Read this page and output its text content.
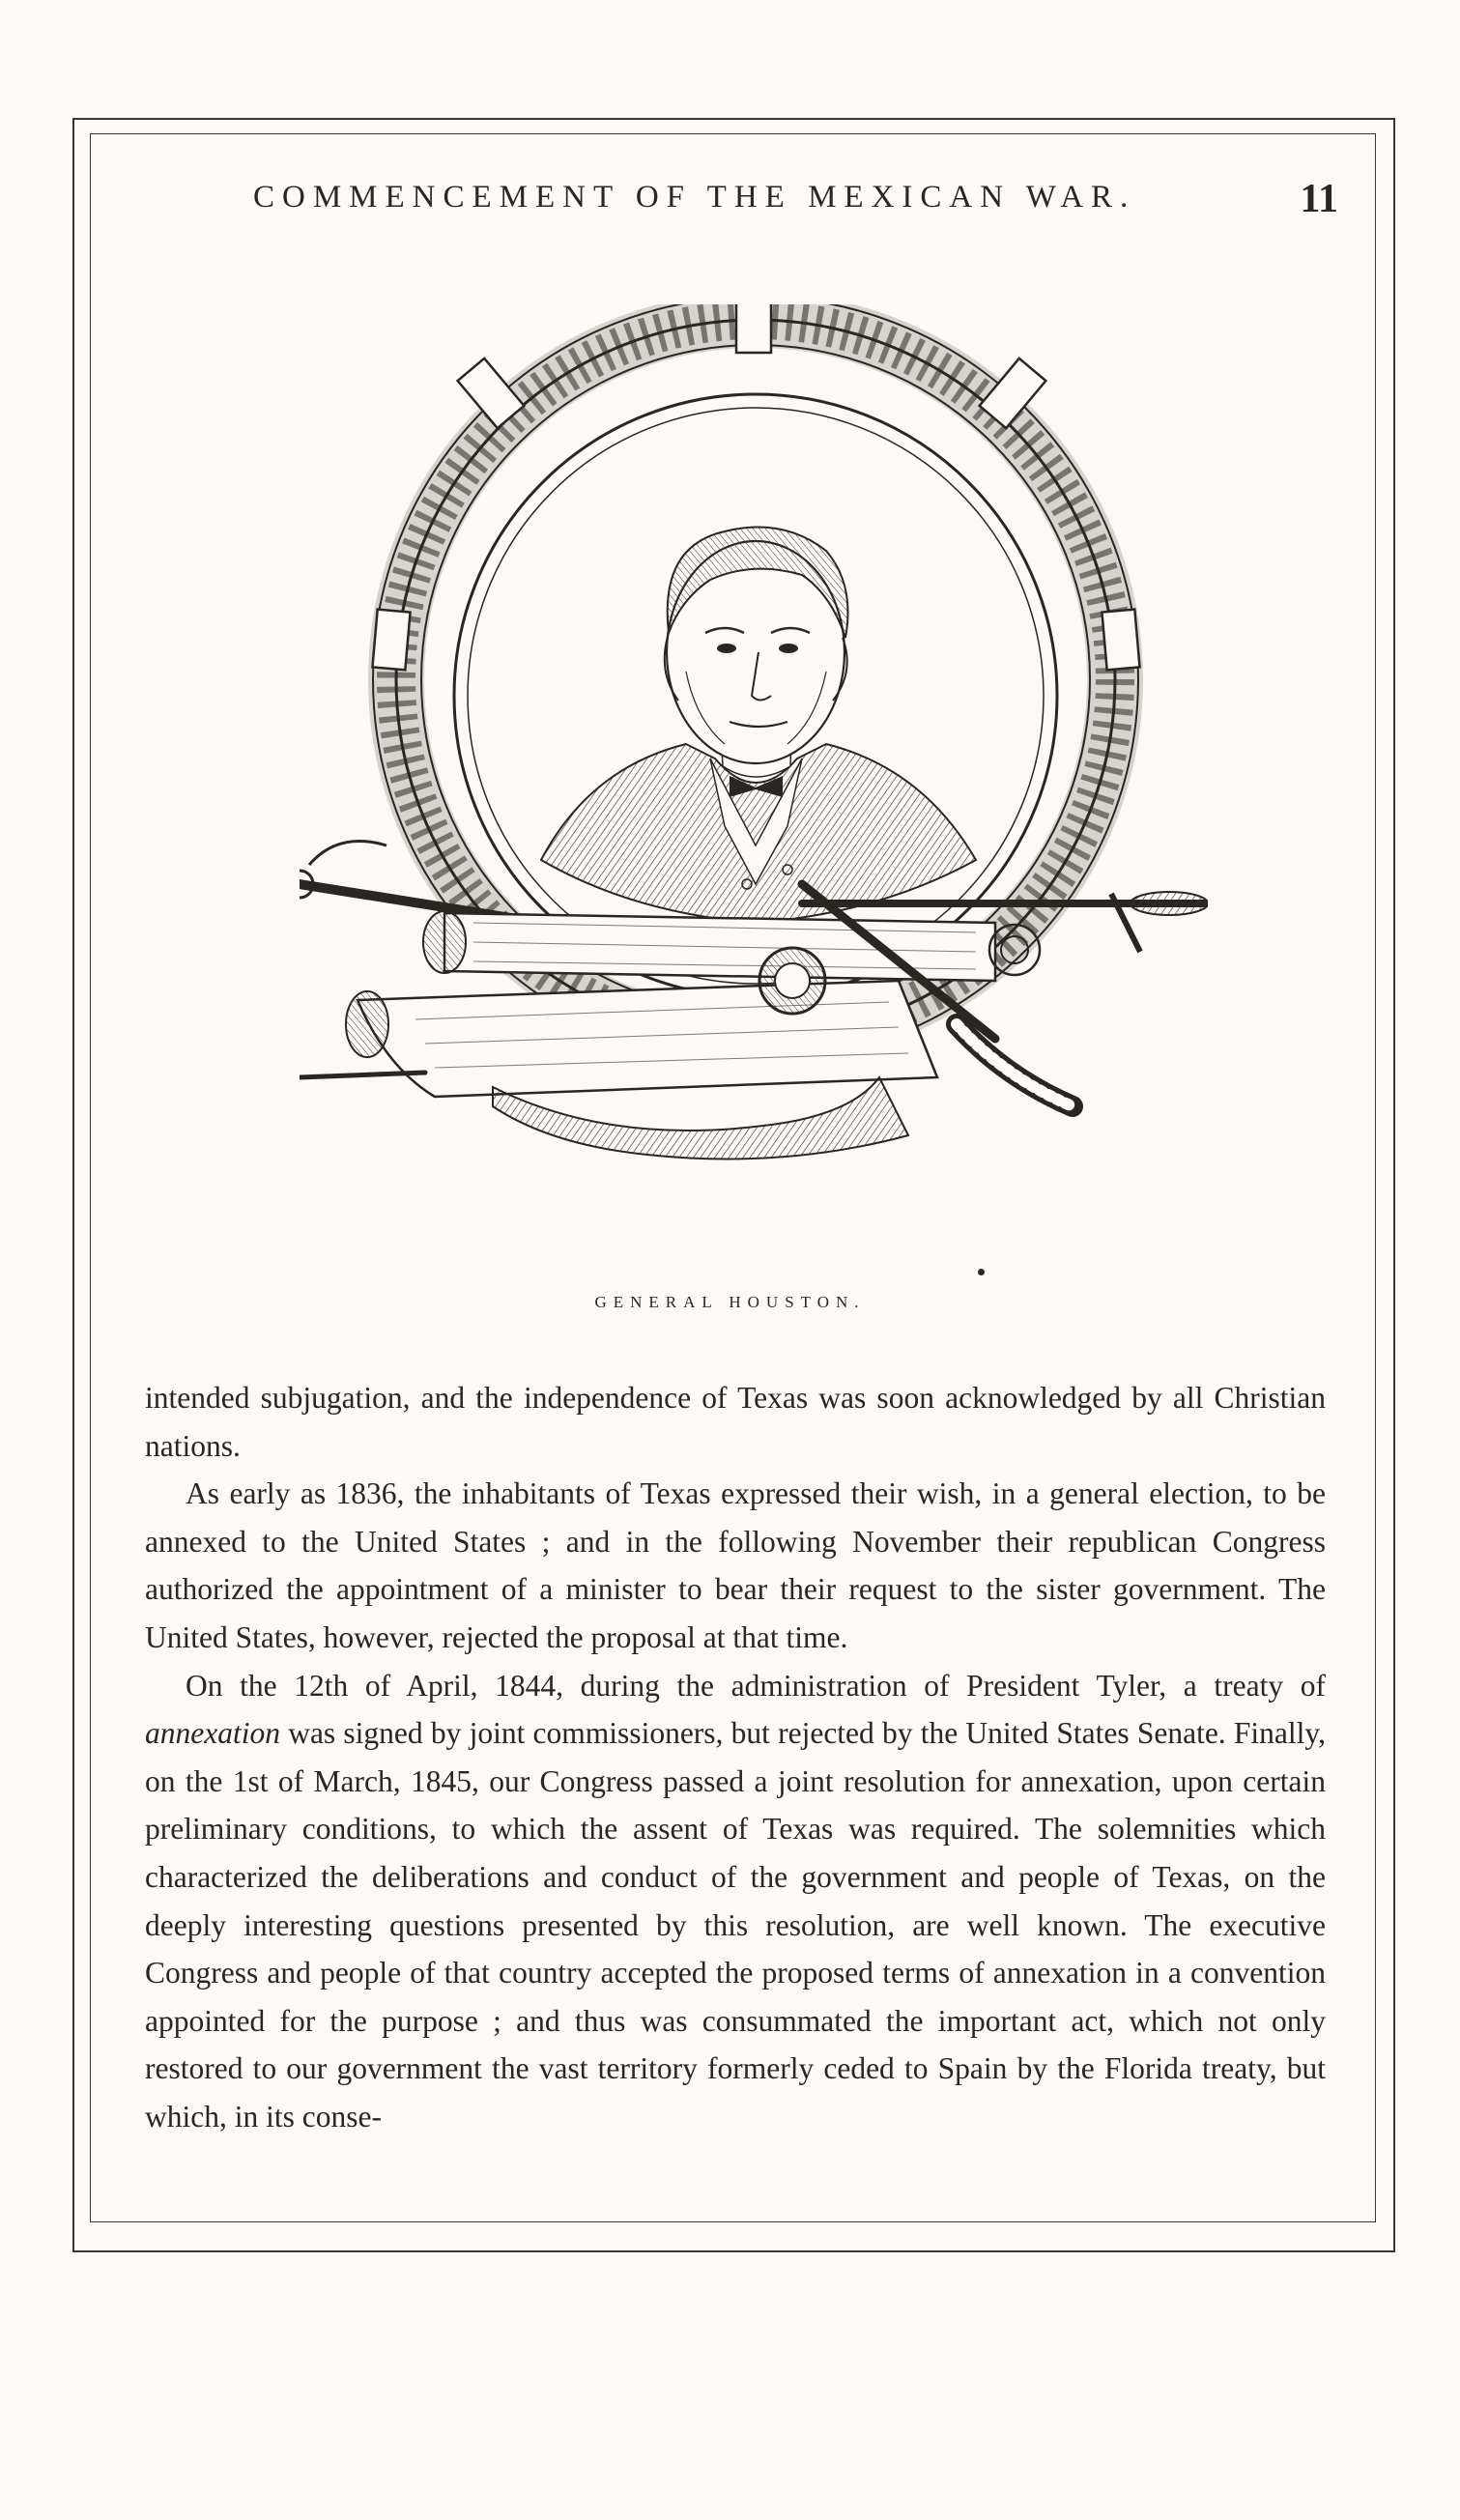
COMMENCEMENT OF THE MEXICAN WAR.	11
GENERAL HOUSTON.

intended subjugation, and the independence of Texas was soon acknowledged by all Christian nations.

As early as 1836, the inhabitants of Texas expressed their wish, in a general election, to be annexed to the United States ; and in the following November their republican Congress authorized the appointment of a minister to bear their request to the sister government. The United States, however, rejected the proposal at that time.

On the 12th of April, 1844, during the administration of President Tyler, a treaty of annexation was signed by joint commissioners, but rejected by the United States Senate. Finally, on the 1st of March, 1845, our Congress passed a joint resolution for annexation, upon certain preliminary conditions, to which the assent of Texas was required. The solemnities which characterized the deliberations and conduct of the government and people of Texas, on the deeply interesting questions presented by this resolution, are well known. The executive Congress and people of that country accepted the proposed terms of annexation in a convention appointed for the purpose ; and thus was consummated the important act, which not only restored to our government the vast territory formerly ceded to Spain by the Florida treaty, but which, in its conse-
